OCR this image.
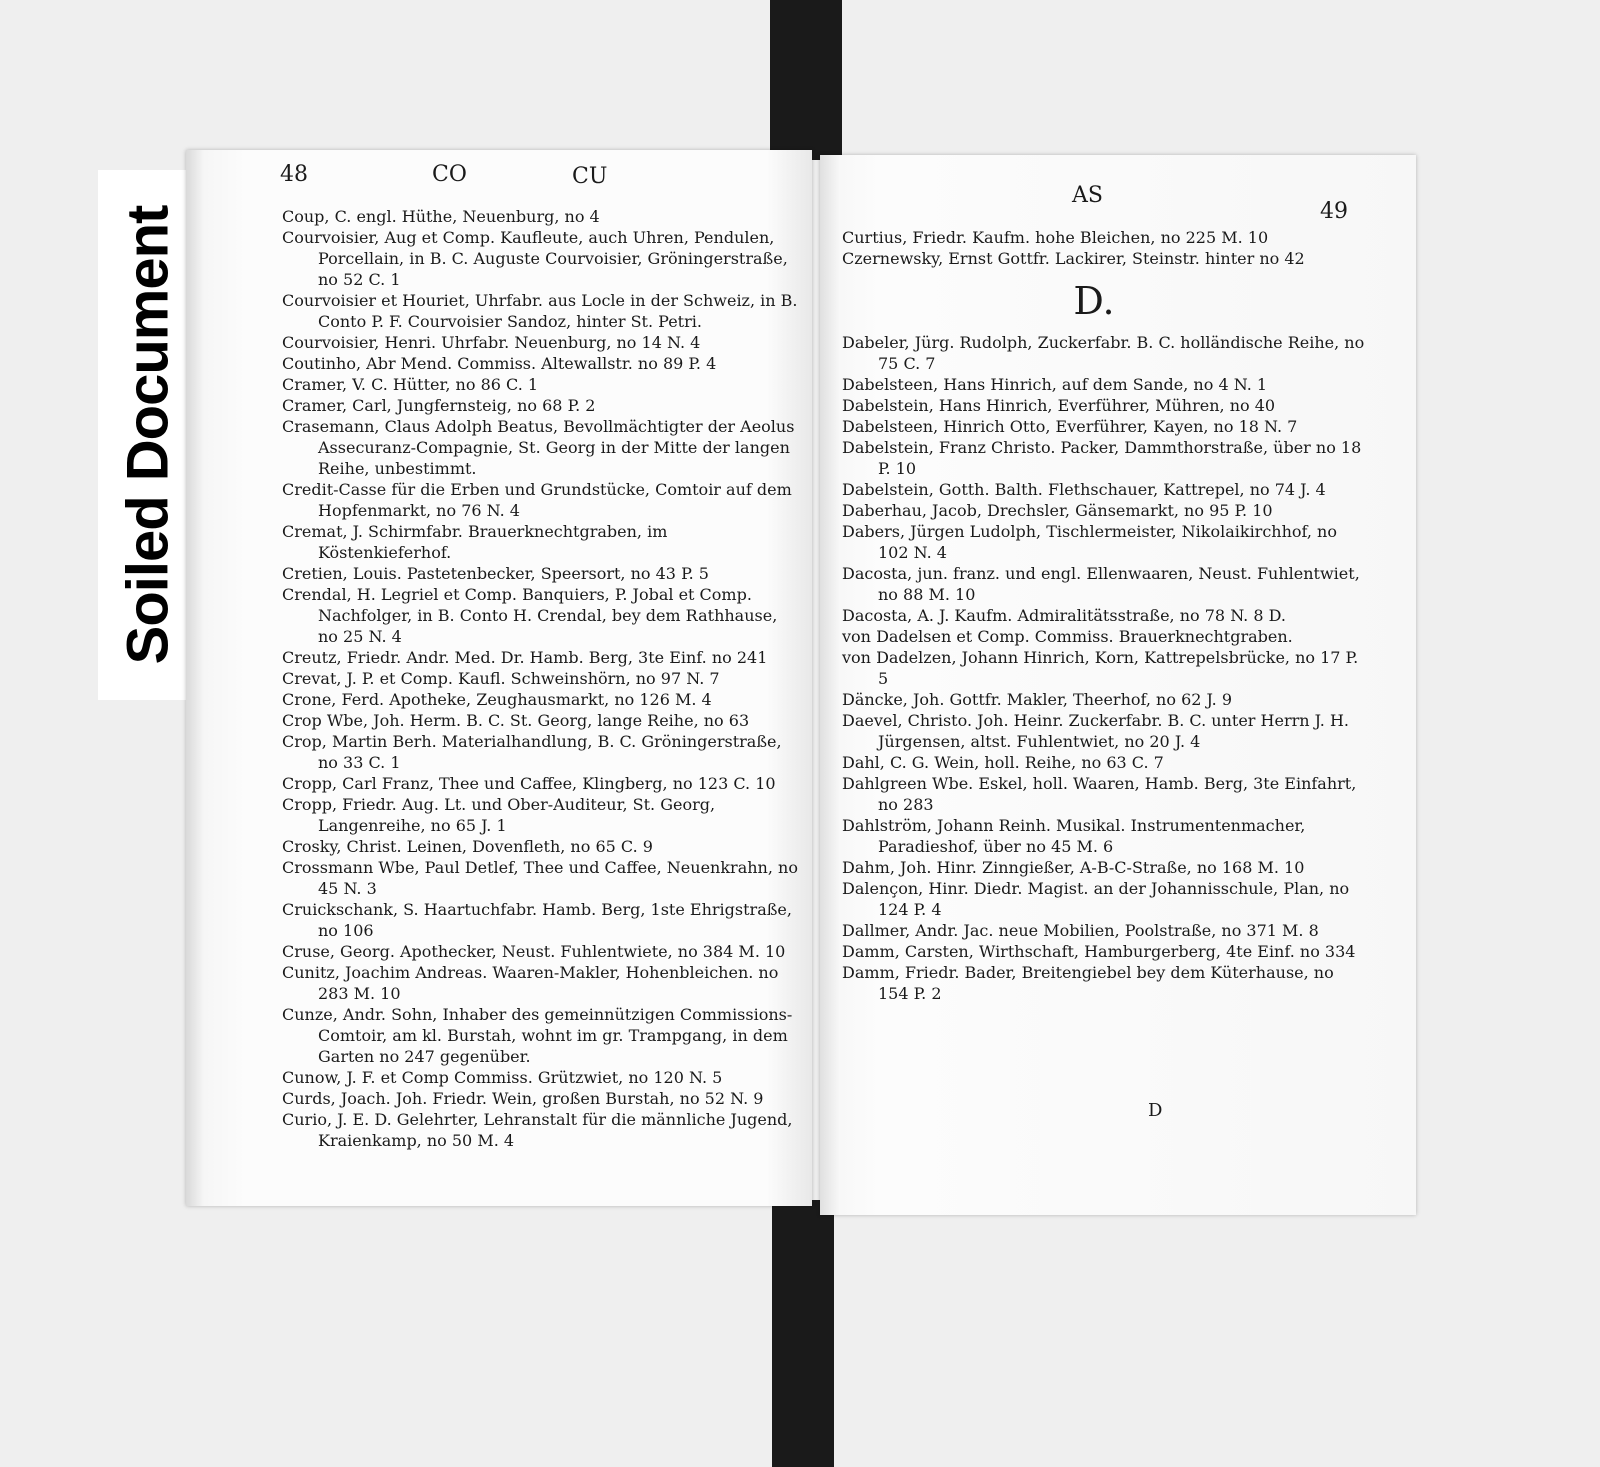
Soiled Document
48	CO	CU

Coup, C. engl. Hüthe, Neuenburg, no 4

Courvoisier, Aug et Comp. Kaufleute, auch Uhren, Pendulen, Porcellain, in B. C. Auguste Courvoisier, Gröningerstraße, no 52 C. 1

Courvoisier et Houriet, Uhrfabr. aus Locle in der Schweiz, in B. Conto P. F. Courvoisier Sandoz, hinter St. Petri.

Courvoisier, Henri. Uhrfabr. Neuenburg, no 14 N. 4

Coutinho, Abr Mend. Commiss. Altewallstr. no 89 P. 4

Cramer, V. C. Hütter, no 86 C. 1

Cramer, Carl, Jungfernsteig, no 68 P. 2

Crasemann, Claus Adolph Beatus, Bevollmächtigter der Aeolus Assecuranz-Compagnie, St. Georg in der Mitte der langen Reihe, unbestimmt.

Credit-Casse für die Erben und Grundstücke, Comtoir auf dem Hopfenmarkt, no 76 N. 4

Cremat, J. Schirmfabr. Brauerknechtgraben, im Köstenkieferhof.

Cretien, Louis. Pastetenbecker, Speersort, no 43 P. 5

Crendal, H. Legriel et Comp. Banquiers, P. Jobal et Comp. Nachfolger, in B. Conto H. Crendal, bey dem Rathhause, no 25 N. 4

Creutz, Friedr. Andr. Med. Dr. Hamb. Berg, 3te Einf. no 241

Crevat, J. P. et Comp. Kaufl. Schweinshörn, no 97 N. 7

Crone, Ferd. Apotheke, Zeughausmarkt, no 126 M. 4

Crop Wbe, Joh. Herm. B. C. St. Georg, lange Reihe, no 63

Crop, Martin Berh. Materialhandlung, B. C. Gröningerstraße, no 33 C. 1

Cropp, Carl Franz, Thee und Caffee, Klingberg, no 123 C. 10

Cropp, Friedr. Aug. Lt. und Ober-Auditeur, St. Georg, Langenreihe, no 65 J. 1

Crosky, Christ. Leinen, Dovenfleth, no 65 C. 9

Crossmann Wbe, Paul Detlef, Thee und Caffee, Neuenkrahn, no 45 N. 3

Cruickschank, S. Haartuchfabr. Hamb. Berg, 1ste Ehrigstraße, no 106

Cruse, Georg. Apothecker, Neust. Fuhlentwiete, no 384 M. 10

Cunitz, Joachim Andreas. Waaren-Makler, Hohenbleichen. no 283 M. 10

Cunze, Andr. Sohn, Inhaber des gemeinnützigen Commissions-Comtoir, am kl. Burstah, wohnt im gr. Trampgang, in dem Garten no 247 gegenüber.

Cunow, J. F. et Comp Commiss. Grützwiet, no 120 N. 5

Curds, Joach. Joh. Friedr. Wein, großen Burstah, no 52 N. 9

Curio, J. E. D. Gelehrter, Lehranstalt für die männliche Jugend, Kraienkamp, no 50 M. 4

AS
49

Curtius, Friedr. Kaufm. hohe Bleichen, no 225 M. 10

Czernewsky, Ernst Gottfr. Lackirer, Steinstr. hinter no 42

D.

Dabeler, Jürg. Rudolph, Zuckerfabr. B. C. holländische Reihe, no 75 C. 7

Dabelsteen, Hans Hinrich, auf dem Sande, no 4 N. 1

Dabelstein, Hans Hinrich, Everführer, Mühren, no 40

Dabelsteen, Hinrich Otto, Everführer, Kayen, no 18 N. 7

Dabelstein, Franz Christo. Packer, Dammthorstraße, über no 18 P. 10

Dabelstein, Gotth. Balth. Flethschauer, Kattrepel, no 74 J. 4

Daberhau, Jacob, Drechsler, Gänsemarkt, no 95 P. 10

Dabers, Jürgen Ludolph, Tischlermeister, Nikolaikirchhof, no 102 N. 4

Dacosta, jun. franz. und engl. Ellenwaaren, Neust. Fuhlentwiet, no 88 M. 10

Dacosta, A. J. Kaufm. Admiralitätsstraße, no 78 N. 8 D.

von Dadelsen et Comp. Commiss. Brauerknechtgraben.

von Dadelzen, Johann Hinrich, Korn, Kattrepelsbrücke, no 17 P. 5

Däncke, Joh. Gottfr. Makler, Theerhof, no 62 J. 9

Daevel, Christo. Joh. Heinr. Zuckerfabr. B. C. unter Herrn J. H. Jürgensen, altst. Fuhlentwiet, no 20 J. 4

Dahl, C. G. Wein, holl. Reihe, no 63 C. 7

Dahlgreen Wbe. Eskel, holl. Waaren, Hamb. Berg, 3te Einfahrt, no 283

Dahlström, Johann Reinh. Musikal. Instrumentenmacher, Paradieshof, über no 45 M. 6

Dahm, Joh. Hinr. Zinngießer, A-B-C-Straße, no 168 M. 10

Dalençon, Hinr. Diedr. Magist. an der Johannisschule, Plan, no 124 P. 4

Dallmer, Andr. Jac. neue Mobilien, Poolstraße, no 371 M. 8

Damm, Carsten, Wirthschaft, Hamburgerberg, 4te Einf. no 334

Damm, Friedr. Bader, Breitengiebel bey dem Küterhause, no 154 P. 2

D
